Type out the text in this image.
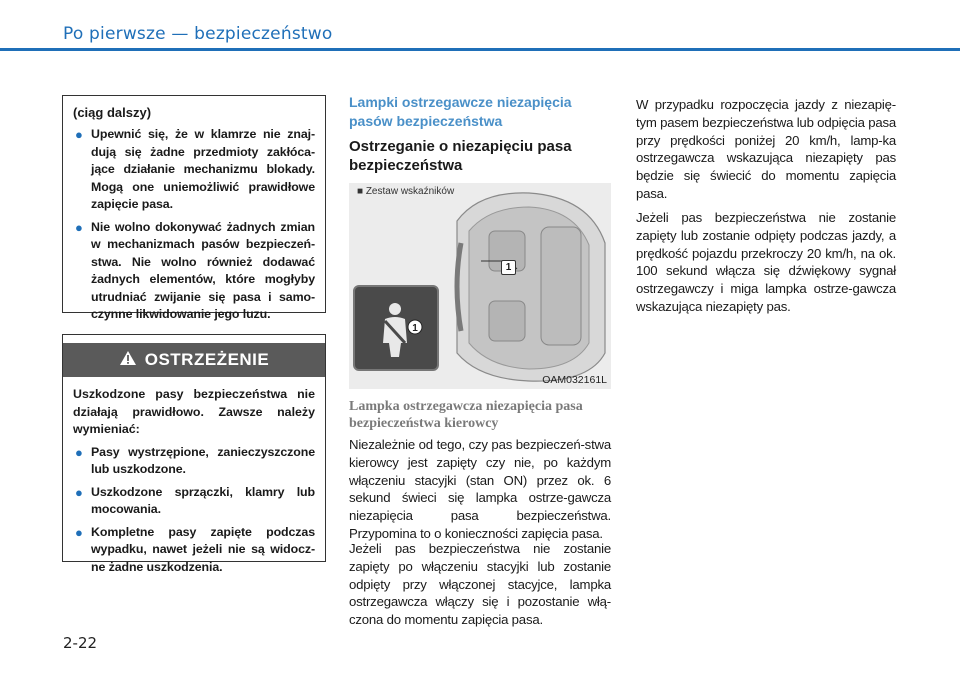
Po pierwsze — bezpieczeństwo
(ciąg dalszy)
● Upewnić się, że w klamrze nie znaj-dują się żadne przedmioty zakłóca-jące działanie mechanizmu blokady. Mogą one uniemożliwić prawidłowe zapięcie pasa.
● Nie wolno dokonywać żadnych zmian w mechanizmach pasów bezpieczeń-stwa. Nie wolno również dodawać żadnych elementów, które mogłyby utrudniać zwijanie się pasa i samo-czynne likwidowanie jego luzu.
OSTRZEŻENIE
Uszkodzone pasy bezpieczeństwa nie działają prawidłowo. Zawsze należy wymieniać:
● Pasy wystrzępione, zanieczyszczone lub uszkodzone.
● Uszkodzone sprzączki, klamry lub mocowania.
● Kompletne pasy zapięte podczas wypadku, nawet jeżeli nie są widocz-ne żadne uszkodzenia.
2-22
Lampki ostrzegawcze niezapięcia
pasów bezpieczeństwa
Ostrzeganie o niezapięciu pasa
bezpieczeństwa
1
1
■ Zestaw wskaźników
OAM032161L
Lampka ostrzegawcza niezapięcia pasa
bezpieczeństwa kierowcy
Niezależnie od tego, czy pas bezpieczeń-stwa kierowcy jest zapięty czy nie, po każdym włączeniu stacyjki (stan ON) przez ok. 6 sekund świeci się lampka ostrze-gawcza niezapięcia pasa bezpieczeństwa. Przypomina to o konieczności zapięcia pasa.
Jeżeli pas bezpieczeństwa nie zostanie zapięty po włączeniu stacyjki lub zostanie odpięty przy włączonej stacyjce, lampka ostrzegawcza włączy się i pozostanie włą-czona do momentu zapięcia pasa.
W przypadku rozpoczęcia jazdy z niezapię-tym pasem bezpieczeństwa lub odpięcia pasa przy prędkości poniżej 20 km/h, lamp-ka ostrzegawcza wskazująca niezapięty pas będzie się świecić do momentu zapięcia pasa.
Jeżeli pas bezpieczeństwa nie zostanie zapięty lub zostanie odpięty podczas jazdy, a prędkość pojazdu przekroczy 20 km/h, na ok. 100 sekund włącza się dźwiękowy sygnał ostrzegawczy i miga lampka ostrze-gawcza wskazująca niezapięty pas.
